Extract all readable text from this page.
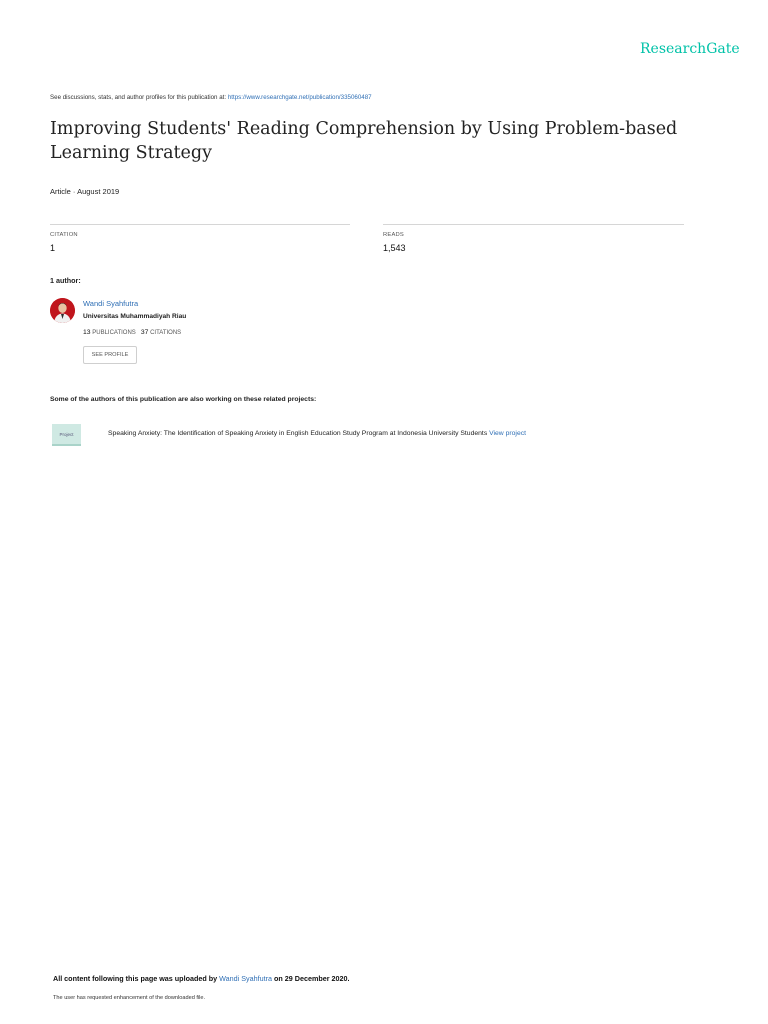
ResearchGate
See discussions, stats, and author profiles for this publication at: https://www.researchgate.net/publication/335060487
Improving Students' Reading Comprehension by Using Problem-based Learning Strategy
Article · August 2019
CITATION
1
READS
1,543
1 author:
Wandi Syahfutra
Universitas Muhammadiyah Riau
13 PUBLICATIONS 37 CITATIONS
SEE PROFILE
Some of the authors of this publication are also working on these related projects:
Project	Speaking Anxiety: The Identification of Speaking Anxiety in English Education Study Program at Indonesia University Students View project
All content following this page was uploaded by Wandi Syahfutra on 29 December 2020.
The user has requested enhancement of the downloaded file.
